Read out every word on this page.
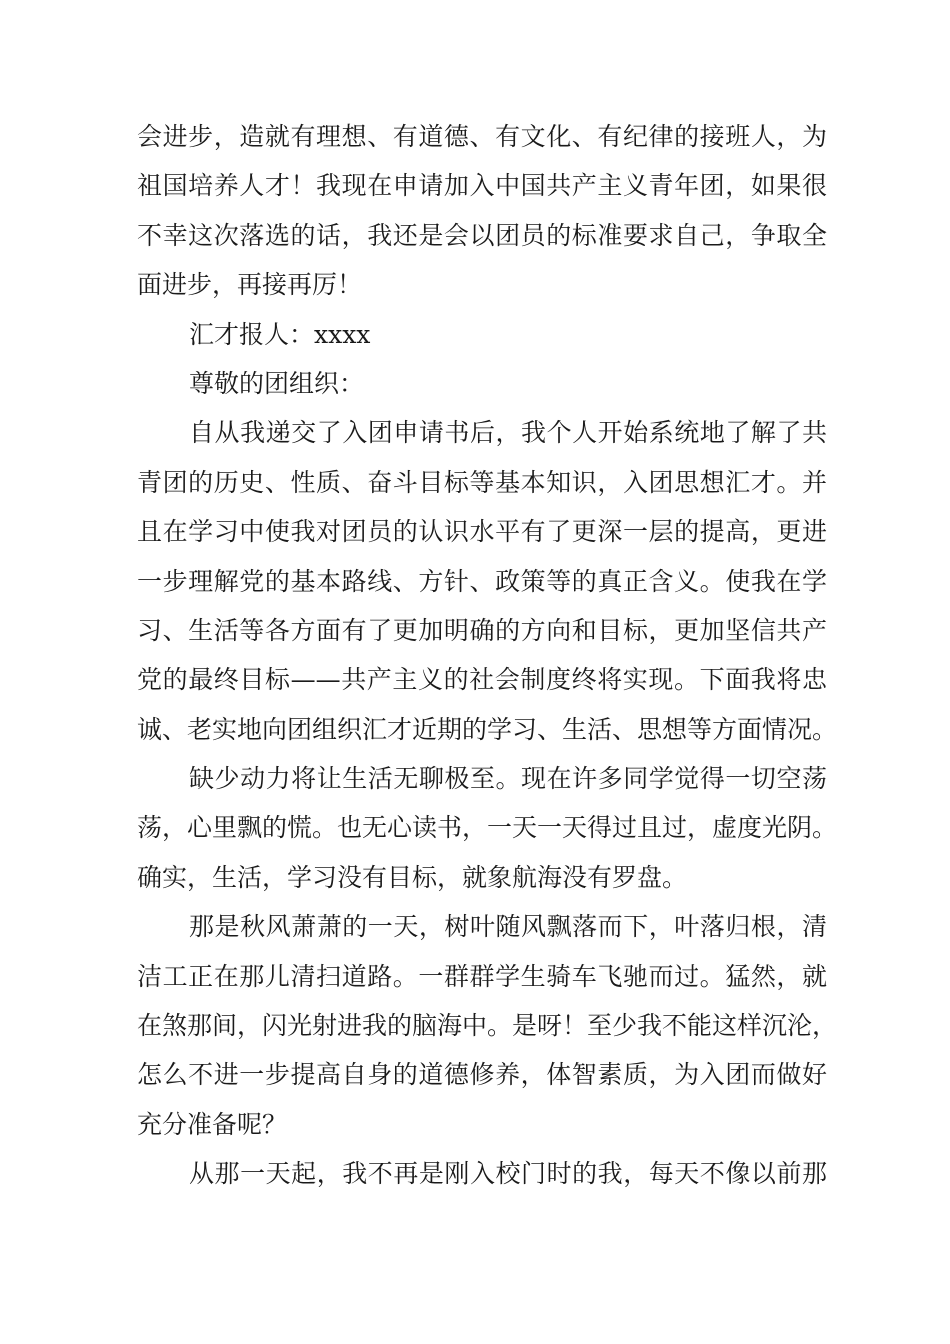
会进步，造就有理想、有道德、有文化、有纪律的接班人，为
祖国培养人才！我现在申请加入中国共产主义青年团，如果很
不幸这次落选的话，我还是会以团员的标准要求自己，争取全
面进步，再接再厉！
汇才报人：xxxx
尊敬的团组织：
自从我递交了入团申请书后，我个人开始系统地了解了共
青团的历史、性质、奋斗目标等基本知识，入团思想汇才。并
且在学习中使我对团员的认识水平有了更深一层的提高，更进
一步理解党的基本路线、方针、政策等的真正含义。使我在学
习、生活等各方面有了更加明确的方向和目标，更加坚信共产
党的最终目标——共产主义的社会制度终将实现。下面我将忠
诚、老实地向团组织汇才近期的学习、生活、思想等方面情况。
缺少动力将让生活无聊极至。现在许多同学觉得一切空荡
荡，心里飘的慌。也无心读书，一天一天得过且过，虚度光阴。
确实，生活，学习没有目标，就象航海没有罗盘。
那是秋风萧萧的一天，树叶随风飘落而下，叶落归根，清
洁工正在那儿清扫道路。一群群学生骑车飞驰而过。猛然，就
在煞那间，闪光射进我的脑海中。是呀！至少我不能这样沉沦，
怎么不进一步提高自身的道德修养，体智素质，为入团而做好
充分准备呢？
从那一天起，我不再是刚入校门时的我，每天不像以前那
